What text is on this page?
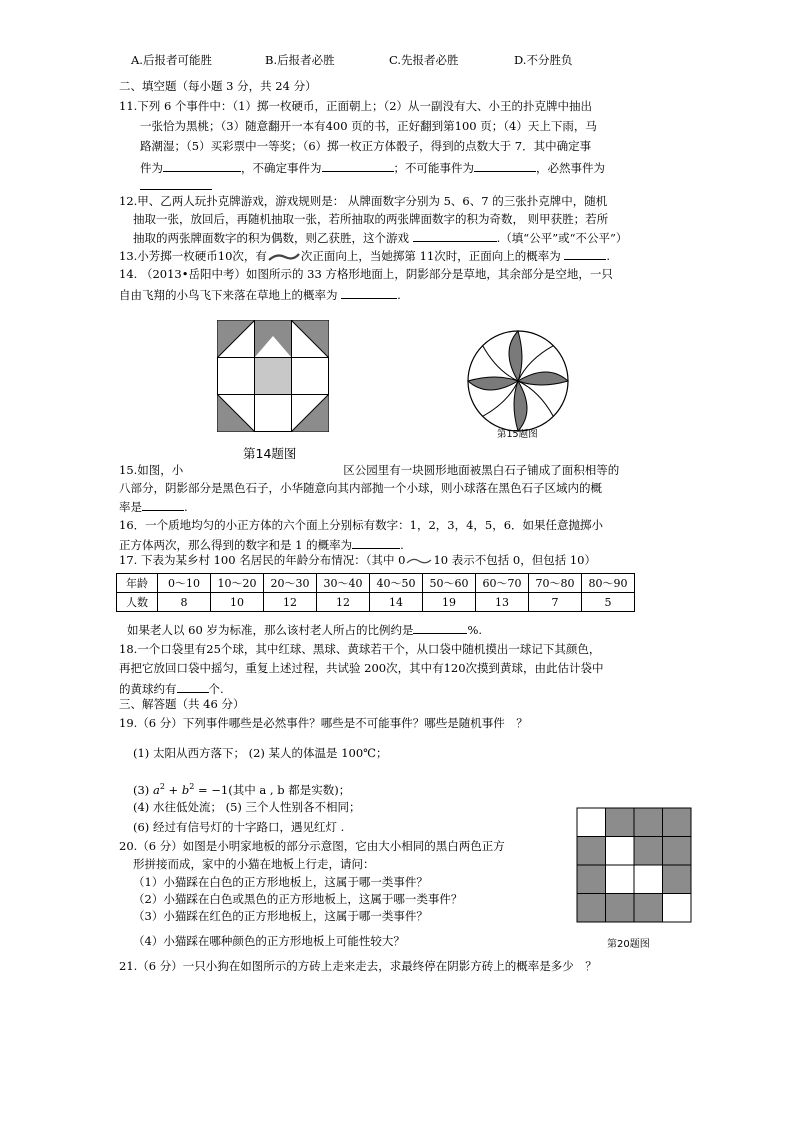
A.后报者可能胜	B.后报者必胜	C.先报者必胜	D.不分胜负
二、填空题（每小题 3 分，共 24 分）
11.下列 6 个事件中：（1）掷一枚硬币，正面朝上；（2）从一副没有大、小王的扑克牌中抽出
一张恰为黑桃；（3）随意翻开一本有400 页的书，正好翻到第100 页；（4）天上下雨，马
路潮湿；（5）买彩票中一等奖；（6）掷一枚正方体骰子，得到的点数大于 7．其中确定事
件为	，不确定事件为	；不可能事件为	，必然事件为
12.甲、乙两人玩扑克牌游戏，游戏规则是： 从牌面数字分别为 5、6、7 的三张扑克牌中，随机
抽取一张，放回后，再随机抽取一张，若所抽取的两张牌面数字的积为奇数， 则甲获胜；若所
抽取的两张牌面数字的积为偶数，则乙获胜，这个游戏	.（填“公平”或“不公平”）
13.小芳掷一枚硬币10次，有	次正面向上，当她掷第 11次时，正面向上的概率为	.
14. （2013•岳阳中考）如图所示的 33 方格形地面上，阴影部分是草地，其余部分是空地，一只
自由飞翔的小鸟飞下来落在草地上的概率为	.
第14题图
第15题图
15.如图，小	区公园里有一块圆形地面被黑白石子铺成了面积相等的
八部分，阴影部分是黑色石子，小华随意向其内部抛一个小球，则小球落在黑色石子区域内的概
率是	.
16．一个质地均匀的小正方体的六个面上分别标有数字：1，2，3，4，5，6．如果任意抛掷小
正方体两次，那么得到的数字和是 1 的概率为	.
17. 下表为某乡村 100 名居民的年龄分布情况：（其中 0 10 表示不包括 0，但包括 10）
年龄	0～10	10～20	20～30	30～40	40～50	50～60	60～70	70～80	80～90
人数	8	10	12	12	14	19	13	7	5
如果老人以 60 岁为标准，那么该村老人所占的比例约是	%.
18.一个口袋里有25个球，其中红球、黑球、黄球若干个，从口袋中随机摸出一球记下其颜色，
再把它放回口袋中摇匀，重复上述过程，共试验 200次，其中有120次摸到黄球，由此估计袋中
的黄球约有	个.
三、解答题（共 46 分）
19.（6 分）下列事件哪些是必然事件？哪些是不可能事件？哪些是随机事件　？
(1) 太阳从西方落下； (2) 某人的体温是 100℃；
(3) $a^2 + b^2 = -1$(其中 a , b 都是实数)；
(4) 水往低处流； (5) 三个人性别各不相同；
(6) 经过有信号灯的十字路口，遇见红灯 .
第20题图
20.（6 分）如图是小明家地板的部分示意图，它由大小相同的黑白两色正方
形拼接而成，家中的小猫在地板上行走，请问：
（1）小猫踩在白色的正方形地板上，这属于哪一类事件？
（2）小猫踩在白色或黑色的正方形地板上，这属于哪一类事件？
（3）小猫踩在红色的正方形地板上，这属于哪一类事件？
（4）小猫踩在哪种颜色的正方形地板上可能性较大？
21.（6 分）一只小狗在如图所示的方砖上走来走去，求最终停在阴影方砖上的概率是多少　？
